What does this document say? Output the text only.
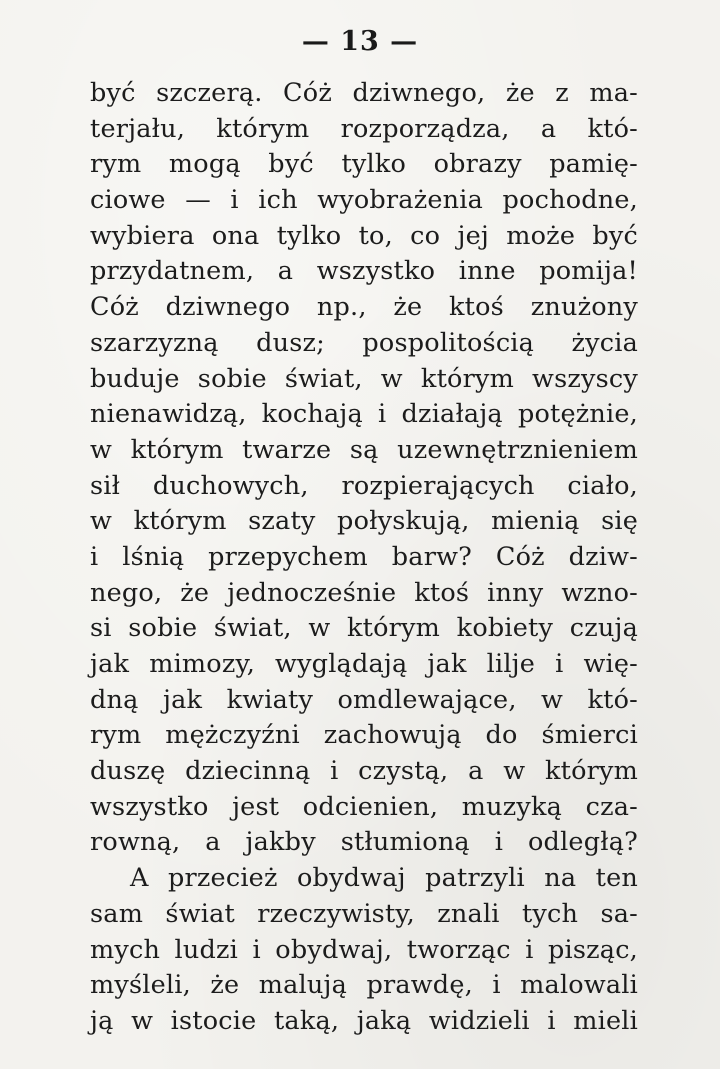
— 13 —
być szczerą. Cóż dziwnego, że z ma-
terjału, którym rozporządza, a któ-
rym mogą być tylko obrazy pamię-
ciowe — i ich wyobrażenia pochodne,
wybiera ona tylko to, co jej może być
przydatnem, a wszystko inne pomija!
Cóż dziwnego np., że ktoś znużony
szarzyzną dusz; pospolitością życia
buduje sobie świat, w którym wszyscy
nienawidzą, kochają i działają potężnie,
w którym twarze są uzewnętrznieniem
sił duchowych, rozpierających ciało,
w którym szaty połyskują, mienią się
i lśnią przepychem barw? Cóż dziw-
nego, że jednocześnie ktoś inny wzno-
si sobie świat, w którym kobiety czują
jak mimozy, wyglądają jak lilje i wię-
dną jak kwiaty omdlewające, w któ-
rym mężczyźni zachowują do śmierci
duszę dziecinną i czystą, a w którym
wszystko jest odcienien, muzyką cza-
rowną, a jakby stłumioną i odległą?
A przecież obydwaj patrzyli na ten
sam świat rzeczywisty, znali tych sa-
mych ludzi i obydwaj, tworząc i pisząc,
myśleli, że malują prawdę, i malowali
ją w istocie taką, jaką widzieli i mieli
